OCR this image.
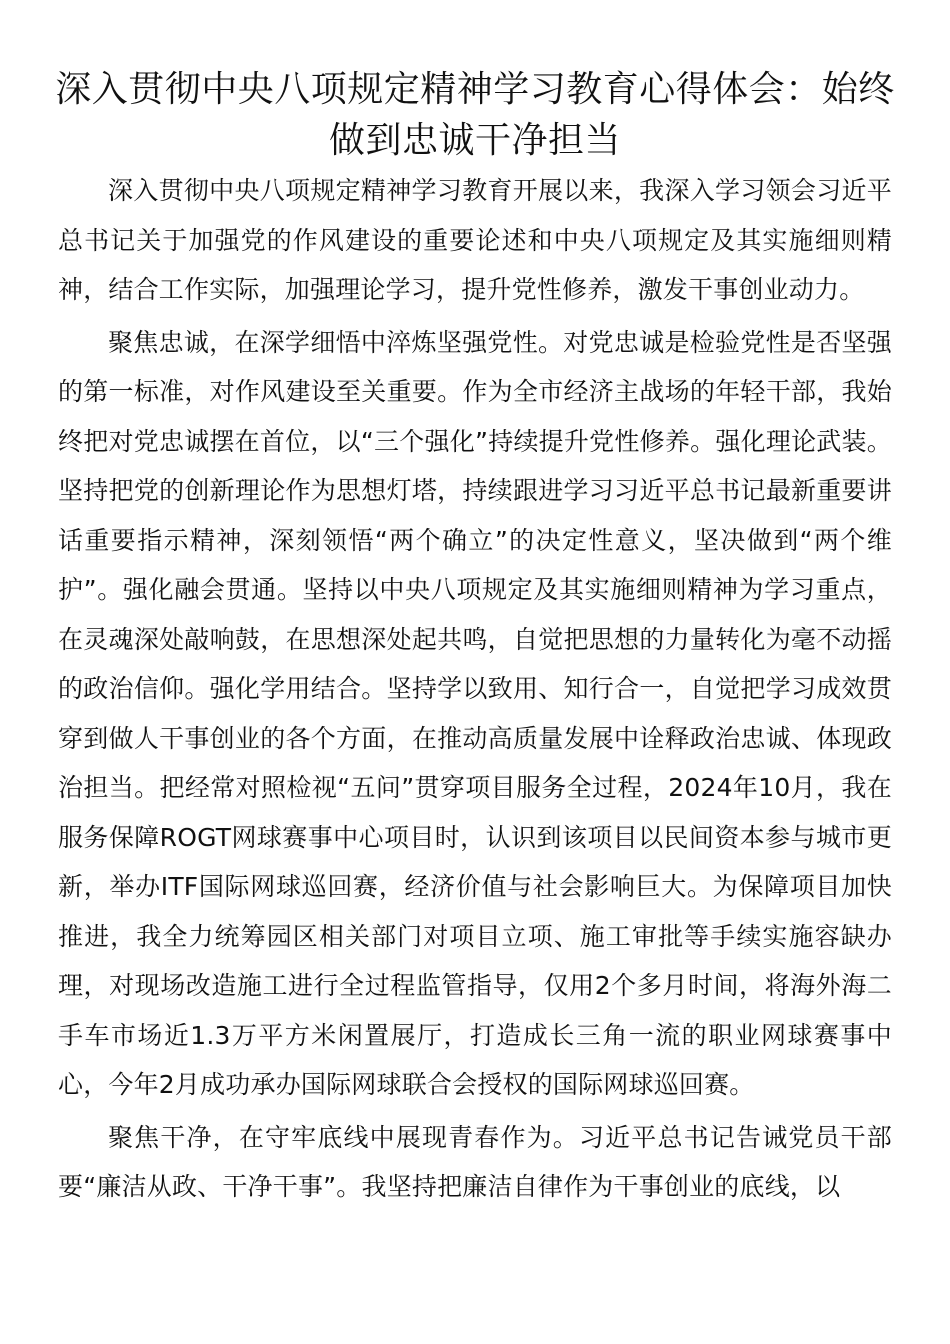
深入贯彻中央八项规定精神学习教育心得体会：始终做到忠诚干净担当

深入贯彻中央八项规定精神学习教育开展以来，我深入学习领会习近平总书记关于加强党的作风建设的重要论述和中央八项规定及其实施细则精神，结合工作实际，加强理论学习，提升党性修养，激发干事创业动力。

聚焦忠诚，在深学细悟中淬炼坚强党性。对党忠诚是检验党性是否坚强的第一标准，对作风建设至关重要。作为全市经济主战场的年轻干部，我始终把对党忠诚摆在首位，以“三个强化”持续提升党性修养。强化理论武装。坚持把党的创新理论作为思想灯塔，持续跟进学习习近平总书记最新重要讲话重要指示精神，深刻领悟“两个确立”的决定性意义，坚决做到“两个维护”。强化融会贯通。坚持以中央八项规定及其实施细则精神为学习重点，在灵魂深处敲响鼓，在思想深处起共鸣，自觉把思想的力量转化为毫不动摇的政治信仰。强化学用结合。坚持学以致用、知行合一，自觉把学习成效贯穿到做人干事创业的各个方面，在推动高质量发展中诠释政治忠诚、体现政治担当。把经常对照检视“五问”贯穿项目服务全过程，2024年10月，我在服务保障ROGT网球赛事中心项目时，认识到该项目以民间资本参与城市更新，举办ITF国际网球巡回赛，经济价值与社会影响巨大。为保障项目加快推进，我全力统筹园区相关部门对项目立项、施工审批等手续实施容缺办理，对现场改造施工进行全过程监管指导，仅用2个多月时间，将海外海二手车市场近1.3万平方米闲置展厅，打造成长三角一流的职业网球赛事中心，今年2月成功承办国际网球联合会授权的国际网球巡回赛。

聚焦干净，在守牢底线中展现青春作为。习近平总书记告诫党员干部要“廉洁从政、干净干事”。我坚持把廉洁自律作为干事创业的底线，以
